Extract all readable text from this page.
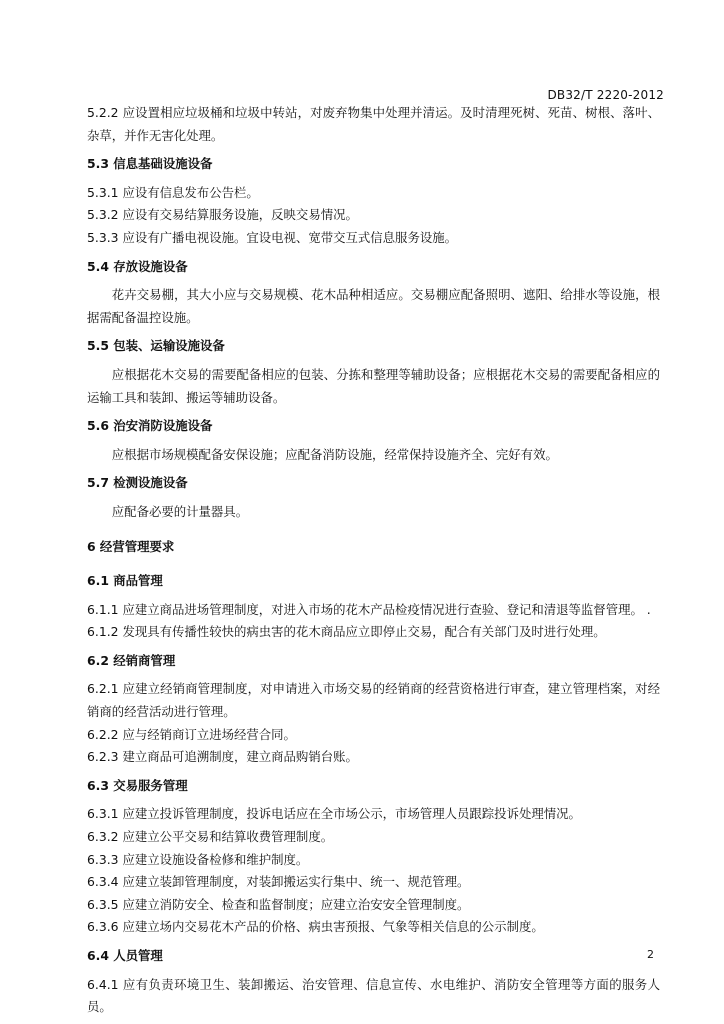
DB32/T 2220-2012

5.2.2 应设置相应垃圾桶和垃圾中转站，对废弃物集中处理并清运。及时清理死树、死苗、树根、落叶、杂草，并作无害化处理。

5.3 信息基础设施设备

5.3.1 应设有信息发布公告栏。

5.3.2 应设有交易结算服务设施，反映交易情况。

5.3.3 应设有广播电视设施。宜设电视、宽带交互式信息服务设施。

5.4 存放设施设备

花卉交易棚，其大小应与交易规模、花木品种相适应。交易棚应配备照明、遮阳、给排水等设施，根据需配备温控设施。

5.5 包装、运输设施设备

应根据花木交易的需要配备相应的包装、分拣和整理等辅助设备；应根据花木交易的需要配备相应的运输工具和装卸、搬运等辅助设备。

5.6 治安消防设施设备

应根据市场规模配备安保设施；应配备消防设施，经常保持设施齐全、完好有效。

5.7 检测设施设备

应配备必要的计量器具。

6 经营管理要求

6.1 商品管理

6.1.1 应建立商品进场管理制度，对进入市场的花木产品检疫情况进行查验、登记和清退等监督管理。 .

6.1.2 发现具有传播性较快的病虫害的花木商品应立即停止交易，配合有关部门及时进行处理。

6.2 经销商管理

6.2.1 应建立经销商管理制度，对申请进入市场交易的经销商的经营资格进行审查，建立管理档案，对经销商的经营活动进行管理。

6.2.2 应与经销商订立进场经营合同。

6.2.3 建立商品可追溯制度，建立商品购销台账。

6.3 交易服务管理

6.3.1 应建立投诉管理制度，投诉电话应在全市场公示，市场管理人员跟踪投诉处理情况。

6.3.2 应建立公平交易和结算收费管理制度。

6.3.3 应建立设施设备检修和维护制度。

6.3.4 应建立装卸管理制度，对装卸搬运实行集中、统一、规范管理。

6.3.5 应建立消防安全、检查和监督制度；应建立治安安全管理制度。

6.3.6 应建立场内交易花木产品的价格、病虫害预报、气象等相关信息的公示制度。

6.4 人员管理

6.4.1 应有负责环境卫生、装卸搬运、治安管理、信息宣传、水电维护、消防安全管理等方面的服务人员。

2
